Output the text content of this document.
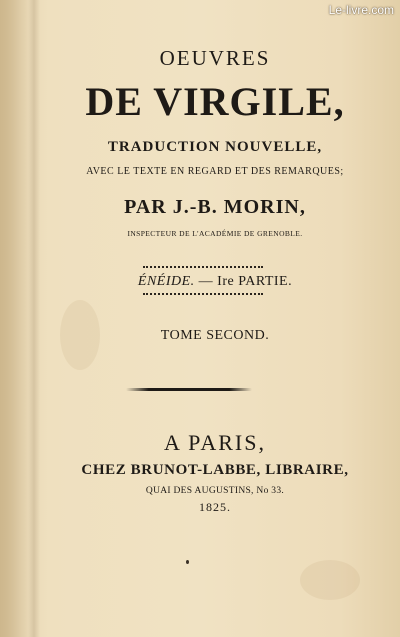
Le-livre.com
OEUVRES
DE VIRGILE,
TRADUCTION NOUVELLE,
AVEC LE TEXTE EN REGARD ET DES REMARQUES;
PAR J.-B. MORIN,
INSPECTEUR DE L'ACADÉMIE DE GRENOBLE.
ÉNÉIDE. — Ire PARTIE.
TOME SECOND.
A PARIS,
CHEZ BRUNOT-LABBE, LIBRAIRE,
QUAI DES AUGUSTINS, No 33.
1825.
